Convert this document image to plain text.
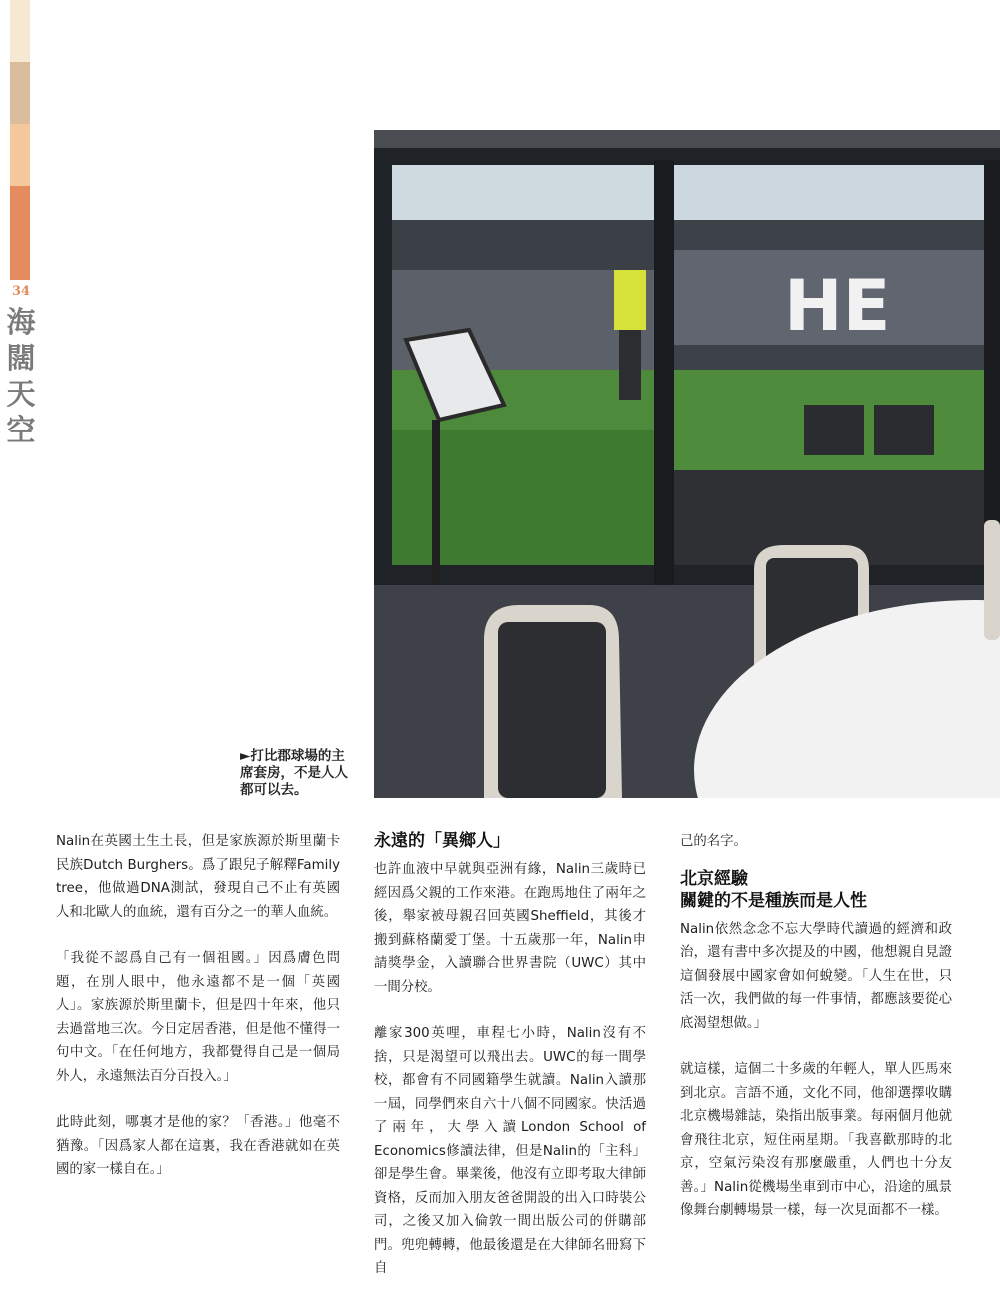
34
海
闊
天
空
HE
►打比郡球場的主
席套房，不是人人
都可以去。

Nalin在英國土生土長，但是家族源於斯里蘭卡民族Dutch Burghers。爲了跟兒子解釋Family tree，他做過DNA測試，發現自己不止有英國人和北歐人的血統，還有百分之一的華人血統。

「我從不認爲自己有一個祖國。」因爲膚色問題，在別人眼中，他永遠都不是一個「英國人」。家族源於斯里蘭卡，但是四十年來，他只去過當地三次。今日定居香港，但是他不懂得一句中文。「在任何地方，我都覺得自己是一個局外人，永遠無法百分百投入。」

此時此刻，哪裏才是他的家？「香港。」他毫不猶豫。「因爲家人都在這裏，我在香港就如在英國的家一樣自在。」

永遠的「異鄉人」

也許血液中早就與亞洲有緣，Nalin三歲時已經因爲父親的工作來港。在跑馬地住了兩年之後，舉家被母親召回英國Sheffield，其後才搬到蘇格蘭愛丁堡。十五歲那一年，Nalin申請獎學金，入讀聯合世界書院（UWC）其中一間分校。

離家300英哩，車程七小時，Nalin沒有不捨，只是渴望可以飛出去。UWC的每一間學校，都會有不同國籍學生就讀。Nalin入讀那一屆，同學們來自六十八個不同國家。快活過了兩年，大學入讀London School of Economics修讀法律，但是Nalin的「主科」卻是學生會。畢業後，他沒有立即考取大律師資格，反而加入朋友爸爸開設的出入口時裝公司，之後又加入倫敦一間出版公司的併購部門。兜兜轉轉，他最後還是在大律師名冊寫下自

己的名字。

北京經驗
關鍵的不是種族而是人性

Nalin依然念念不忘大學時代讀過的經濟和政治，還有書中多次提及的中國，他想親自見證這個發展中國家會如何蛻變。「人生在世，只活一次，我們做的每一件事情，都應該要從心底渴望想做。」

就這樣，這個二十多歲的年輕人，單人匹馬來到北京。言語不通，文化不同，他卻選擇收購北京機場雜誌，染指出版事業。每兩個月他就會飛往北京，短住兩星期。「我喜歡那時的北京，空氣污染沒有那麼嚴重，人們也十分友善。」Nalin從機場坐車到市中心，沿途的風景像舞台劇轉場景一樣，每一次見面都不一樣。
